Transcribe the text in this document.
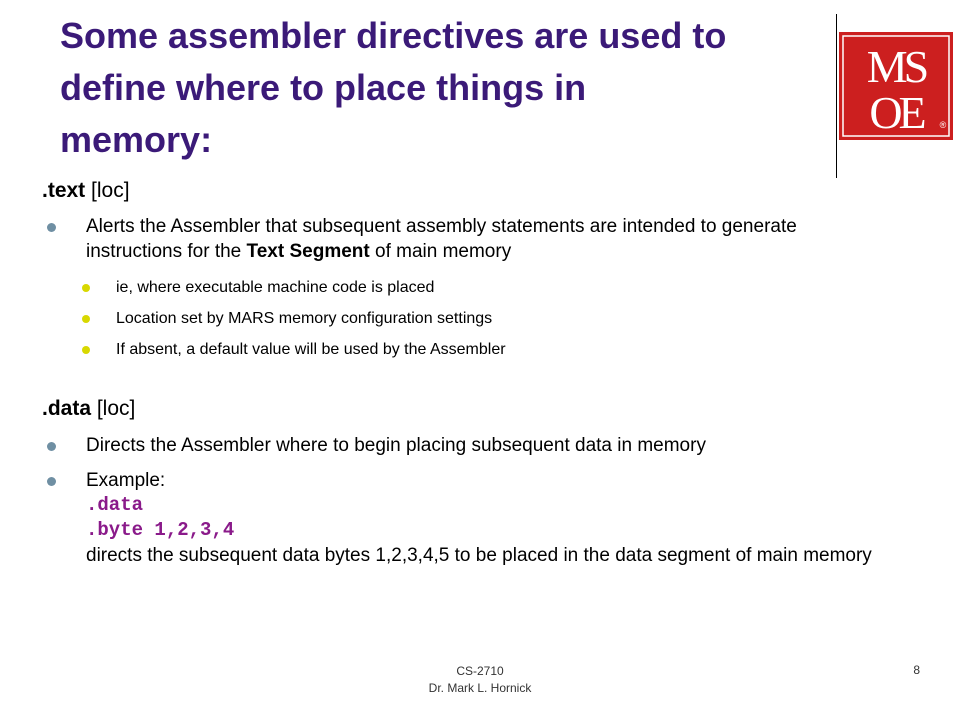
Some assembler directives are used to
define where to place things in
memory:
MS
OE ®
.text [loc]
Alerts the Assembler that subsequent assembly statements are intended to generate instructions for the Text Segment of main memory
ie, where executable machine code is placed
Location set by MARS memory configuration settings
If absent, a default value will be used by the Assembler
.data [loc]
Directs the Assembler where to begin placing subsequent data in memory
Example:
.data
.byte 1,2,3,4
directs the subsequent data bytes 1,2,3,4,5 to be placed in the data segment of main memory
CS-2710
Dr. Mark L. Hornick
8
